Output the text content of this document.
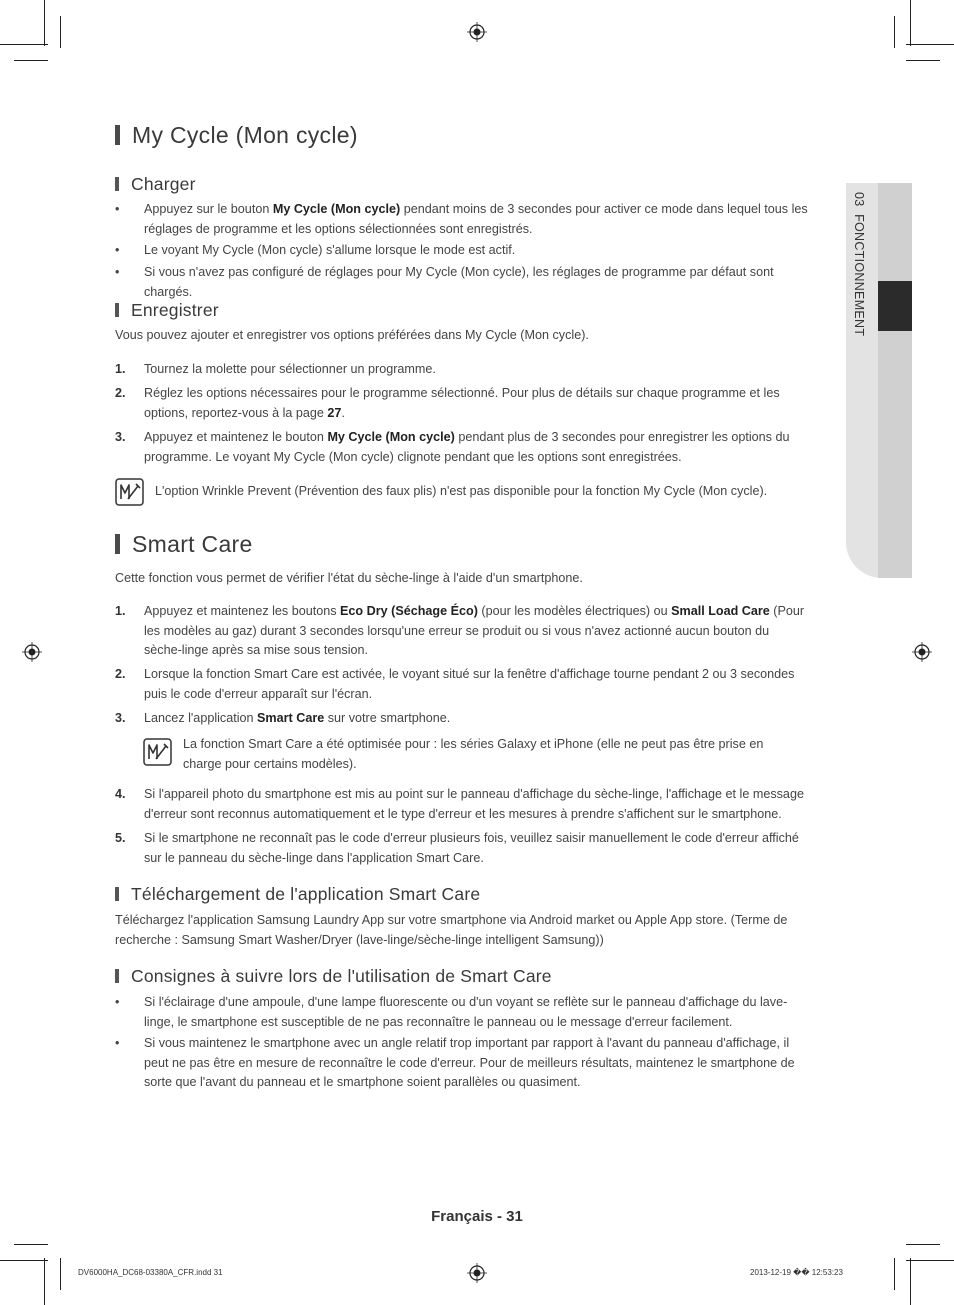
03  FONCTIONNEMENT
My Cycle (Mon cycle)
Charger
• Appuyez sur le bouton My Cycle (Mon cycle) pendant moins de 3 secondes pour activer ce mode dans lequel tous les réglages de programme et les options sélectionnées sont enregistrés.
• Le voyant My Cycle (Mon cycle) s'allume lorsque le mode est actif.
• Si vous n'avez pas configuré de réglages pour My Cycle (Mon cycle), les réglages de programme par défaut sont chargés.
Enregistrer
Vous pouvez ajouter et enregistrer vos options préférées dans My Cycle (Mon cycle).
1. Tournez la molette pour sélectionner un programme.
2. Réglez les options nécessaires pour le programme sélectionné. Pour plus de détails sur chaque programme et les options, reportez-vous à la page 27.
3. Appuyez et maintenez le bouton My Cycle (Mon cycle) pendant plus de 3 secondes pour enregistrer les options du programme. Le voyant My Cycle (Mon cycle) clignote pendant que les options sont enregistrées.
L'option Wrinkle Prevent (Prévention des faux plis) n'est pas disponible pour la fonction My Cycle (Mon cycle).
Smart Care
Cette fonction vous permet de vérifier l'état du sèche-linge à l'aide d'un smartphone.
1. Appuyez et maintenez les boutons Eco Dry (Séchage Éco) (pour les modèles électriques) ou Small Load Care (Pour les modèles au gaz) durant 3 secondes lorsqu'une erreur se produit ou si vous n'avez actionné aucun bouton du sèche-linge après sa mise sous tension.
2. Lorsque la fonction Smart Care est activée, le voyant situé sur la fenêtre d'affichage tourne pendant 2 ou 3 secondes puis le code d'erreur apparaît sur l'écran.
3. Lancez l'application Smart Care sur votre smartphone.
La fonction Smart Care a été optimisée pour : les séries Galaxy et iPhone (elle ne peut pas être prise en charge pour certains modèles).
4. Si l'appareil photo du smartphone est mis au point sur le panneau d'affichage du sèche-linge, l'affichage et le message d'erreur sont reconnus automatiquement et le type d'erreur et les mesures à prendre s'affichent sur le smartphone.
5. Si le smartphone ne reconnaît pas le code d'erreur plusieurs fois, veuillez saisir manuellement le code d'erreur affiché sur le panneau du sèche-linge dans l'application Smart Care.
Téléchargement de l'application Smart Care
Téléchargez l'application Samsung Laundry App sur votre smartphone via Android market ou Apple App store. (Terme de recherche : Samsung Smart Washer/Dryer (lave-linge/sèche-linge intelligent Samsung))
Consignes à suivre lors de l'utilisation de Smart Care
• Si l'éclairage d'une ampoule, d'une lampe fluorescente ou d'un voyant se reflète sur le panneau d'affichage du lave-linge, le smartphone est susceptible de ne pas reconnaître le panneau ou le message d'erreur facilement.
• Si vous maintenez le smartphone avec un angle relatif trop important par rapport à l'avant du panneau d'affichage, il peut ne pas être en mesure de reconnaître le code d'erreur. Pour de meilleurs résultats, maintenez le smartphone de sorte que l'avant du panneau et le smartphone soient parallèles ou quasiment.
Français - 31
DV6000HA_DC68-03380A_CFR.indd 31	2013-12-19 �� 12:53:23
